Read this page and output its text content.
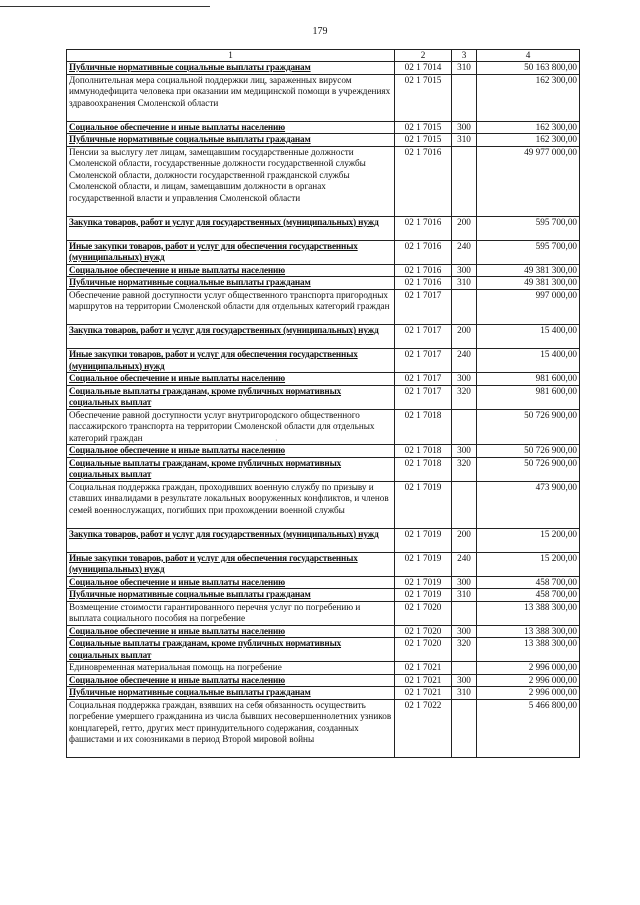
179
1	2	3	4
Публичные нормативные социальные выплаты гражданам	02 1 7014	310	50 163 800,00
Дополнительная мера социальной поддержки лиц, зараженных вирусом иммунодефицита человека при оказании им медицинской помощи в учреждениях здравоохранения Смоленской области	02 1 7015		162 300,00
Социальное обеспечение и иные выплаты населению	02 1 7015	300	162 300,00
Публичные нормативные социальные выплаты гражданам	02 1 7015	310	162 300,00
Пенсии за выслугу лет лицам, замещавшим государственные должности Смоленской области, государственные должности государственной службы Смоленской области, должности государственной гражданской службы Смоленской области, и лицам, замещавшим должности в органах государственной власти и управления Смоленской области	02 1 7016		49 977 000,00
Закупка товаров, работ и услуг для государственных (муниципальных) нужд	02 1 7016	200	595 700,00
Иные закупки товаров, работ и услуг для обеспечения государственных (муниципальных) нужд	02 1 7016	240	595 700,00
Социальное обеспечение и иные выплаты населению	02 1 7016	300	49 381 300,00
Публичные нормативные социальные выплаты гражданам	02 1 7016	310	49 381 300,00
Обеспечение равной доступности услуг общественного транспорта пригородных маршрутов на территории Смоленской области для отдельных категорий граждан	02 1 7017		997 000,00
Закупка товаров, работ и услуг для государственных (муниципальных) нужд	02 1 7017	200	15 400,00
Иные закупки товаров, работ и услуг для обеспечения государственных (муниципальных) нужд	02 1 7017	240	15 400,00
Социальное обеспечение и иные выплаты населению	02 1 7017	300	981 600,00
Социальные выплаты гражданам, кроме публичных нормативных социальных выплат	02 1 7017	320	981 600,00
Обеспечение равной доступности услуг внутригородского общественного пассажирского транспорта на территории Смоленской области для отдельных категорий граждан	02 1 7018		50 726 900,00
Социальное обеспечение и иные выплаты населению	02 1 7018	300	50 726 900,00
Социальные выплаты гражданам, кроме публичных нормативных социальных выплат	02 1 7018	320	50 726 900,00
Социальная поддержка граждан, проходивших военную службу по призыву и ставших инвалидами в результате локальных вооруженных конфликтов, и членов семей военнослужащих, погибших при прохождении военной службы	02 1 7019		473 900,00
Закупка товаров, работ и услуг для государственных (муниципальных) нужд	02 1 7019	200	15 200,00
Иные закупки товаров, работ и услуг для обеспечения государственных (муниципальных) нужд	02 1 7019	240	15 200,00
Социальное обеспечение и иные выплаты населению	02 1 7019	300	458 700,00
Публичные нормативные социальные выплаты гражданам	02 1 7019	310	458 700,00
Возмещение стоимости гарантированного перечня услуг по погребению и выплата социального пособия на погребение	02 1 7020		13 388 300,00
Социальное обеспечение и иные выплаты населению	02 1 7020	300	13 388 300,00
Социальные выплаты гражданам, кроме публичных нормативных социальных выплат	02 1 7020	320	13 388 300,00
Единовременная материальная помощь на погребение	02 1 7021		2 996 000,00
Социальное обеспечение и иные выплаты населению	02 1 7021	300	2 996 000,00
Публичные нормативные социальные выплаты гражданам	02 1 7021	310	2 996 000,00
Социальная поддержка граждан, взявших на себя обязанность осуществить погребение умершего гражданина из числа бывших несовершеннолетних узников концлагерей, гетто, других мест принудительного содержания, созданных фашистами и их союзниками в период Второй мировой войны	02 1 7022		5 466 800,00
·
